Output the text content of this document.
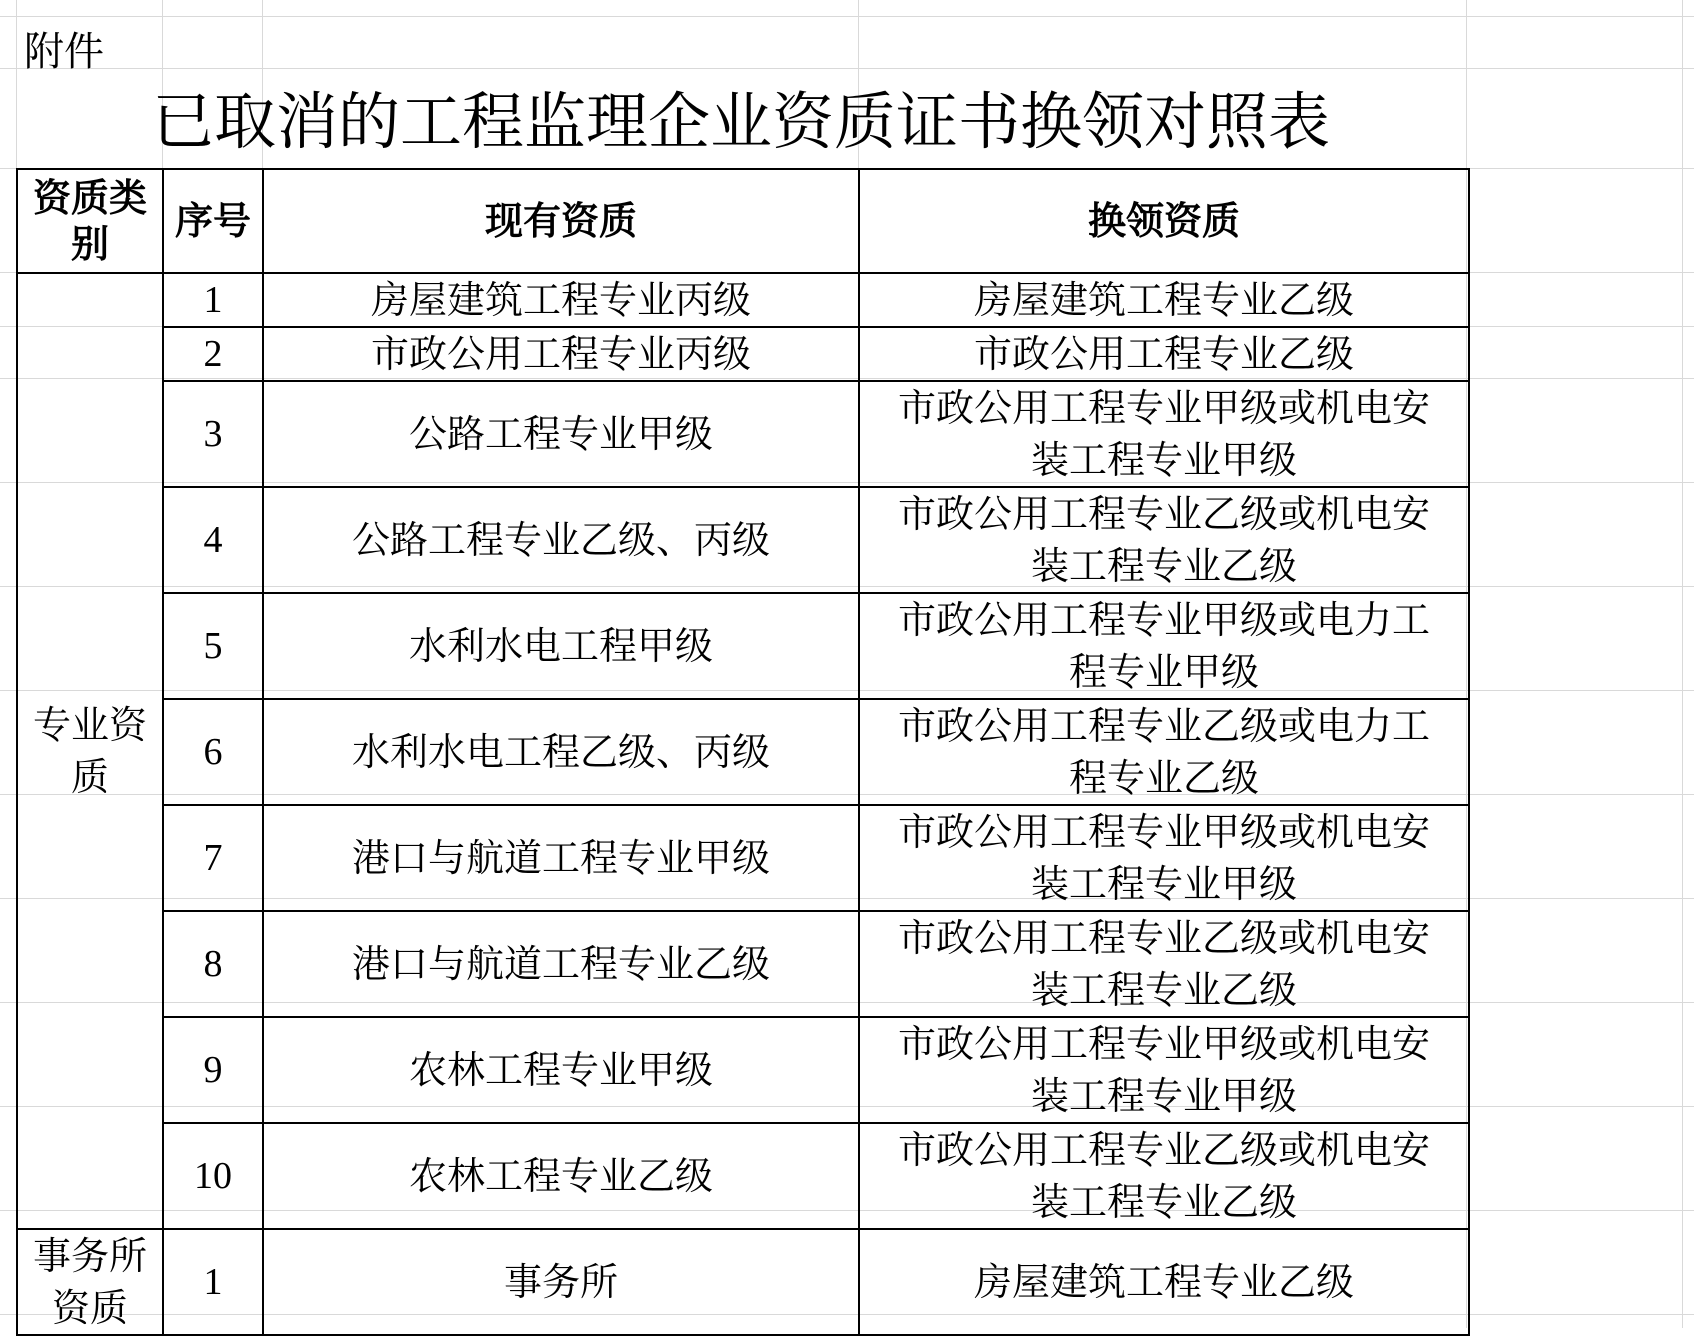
附件
已取消的工程监理企业资质证书换领对照表
资质类别	序号	现有资质	换领资质
专业资质	1	房屋建筑工程专业丙级	房屋建筑工程专业乙级
	2	市政公用工程专业丙级	市政公用工程专业乙级
	3	公路工程专业甲级	市政公用工程专业甲级或机电安装工程专业甲级
	4	公路工程专业乙级、丙级	市政公用工程专业乙级或机电安装工程专业乙级
	5	水利水电工程甲级	市政公用工程专业甲级或电力工程专业甲级
	6	水利水电工程乙级、丙级	市政公用工程专业乙级或电力工程专业乙级
	7	港口与航道工程专业甲级	市政公用工程专业甲级或机电安装工程专业甲级
	8	港口与航道工程专业乙级	市政公用工程专业乙级或机电安装工程专业乙级
	9	农林工程专业甲级	市政公用工程专业甲级或机电安装工程专业甲级
	10	农林工程专业乙级	市政公用工程专业乙级或机电安装工程专业乙级
事务所资质	1	事务所	房屋建筑工程专业乙级
